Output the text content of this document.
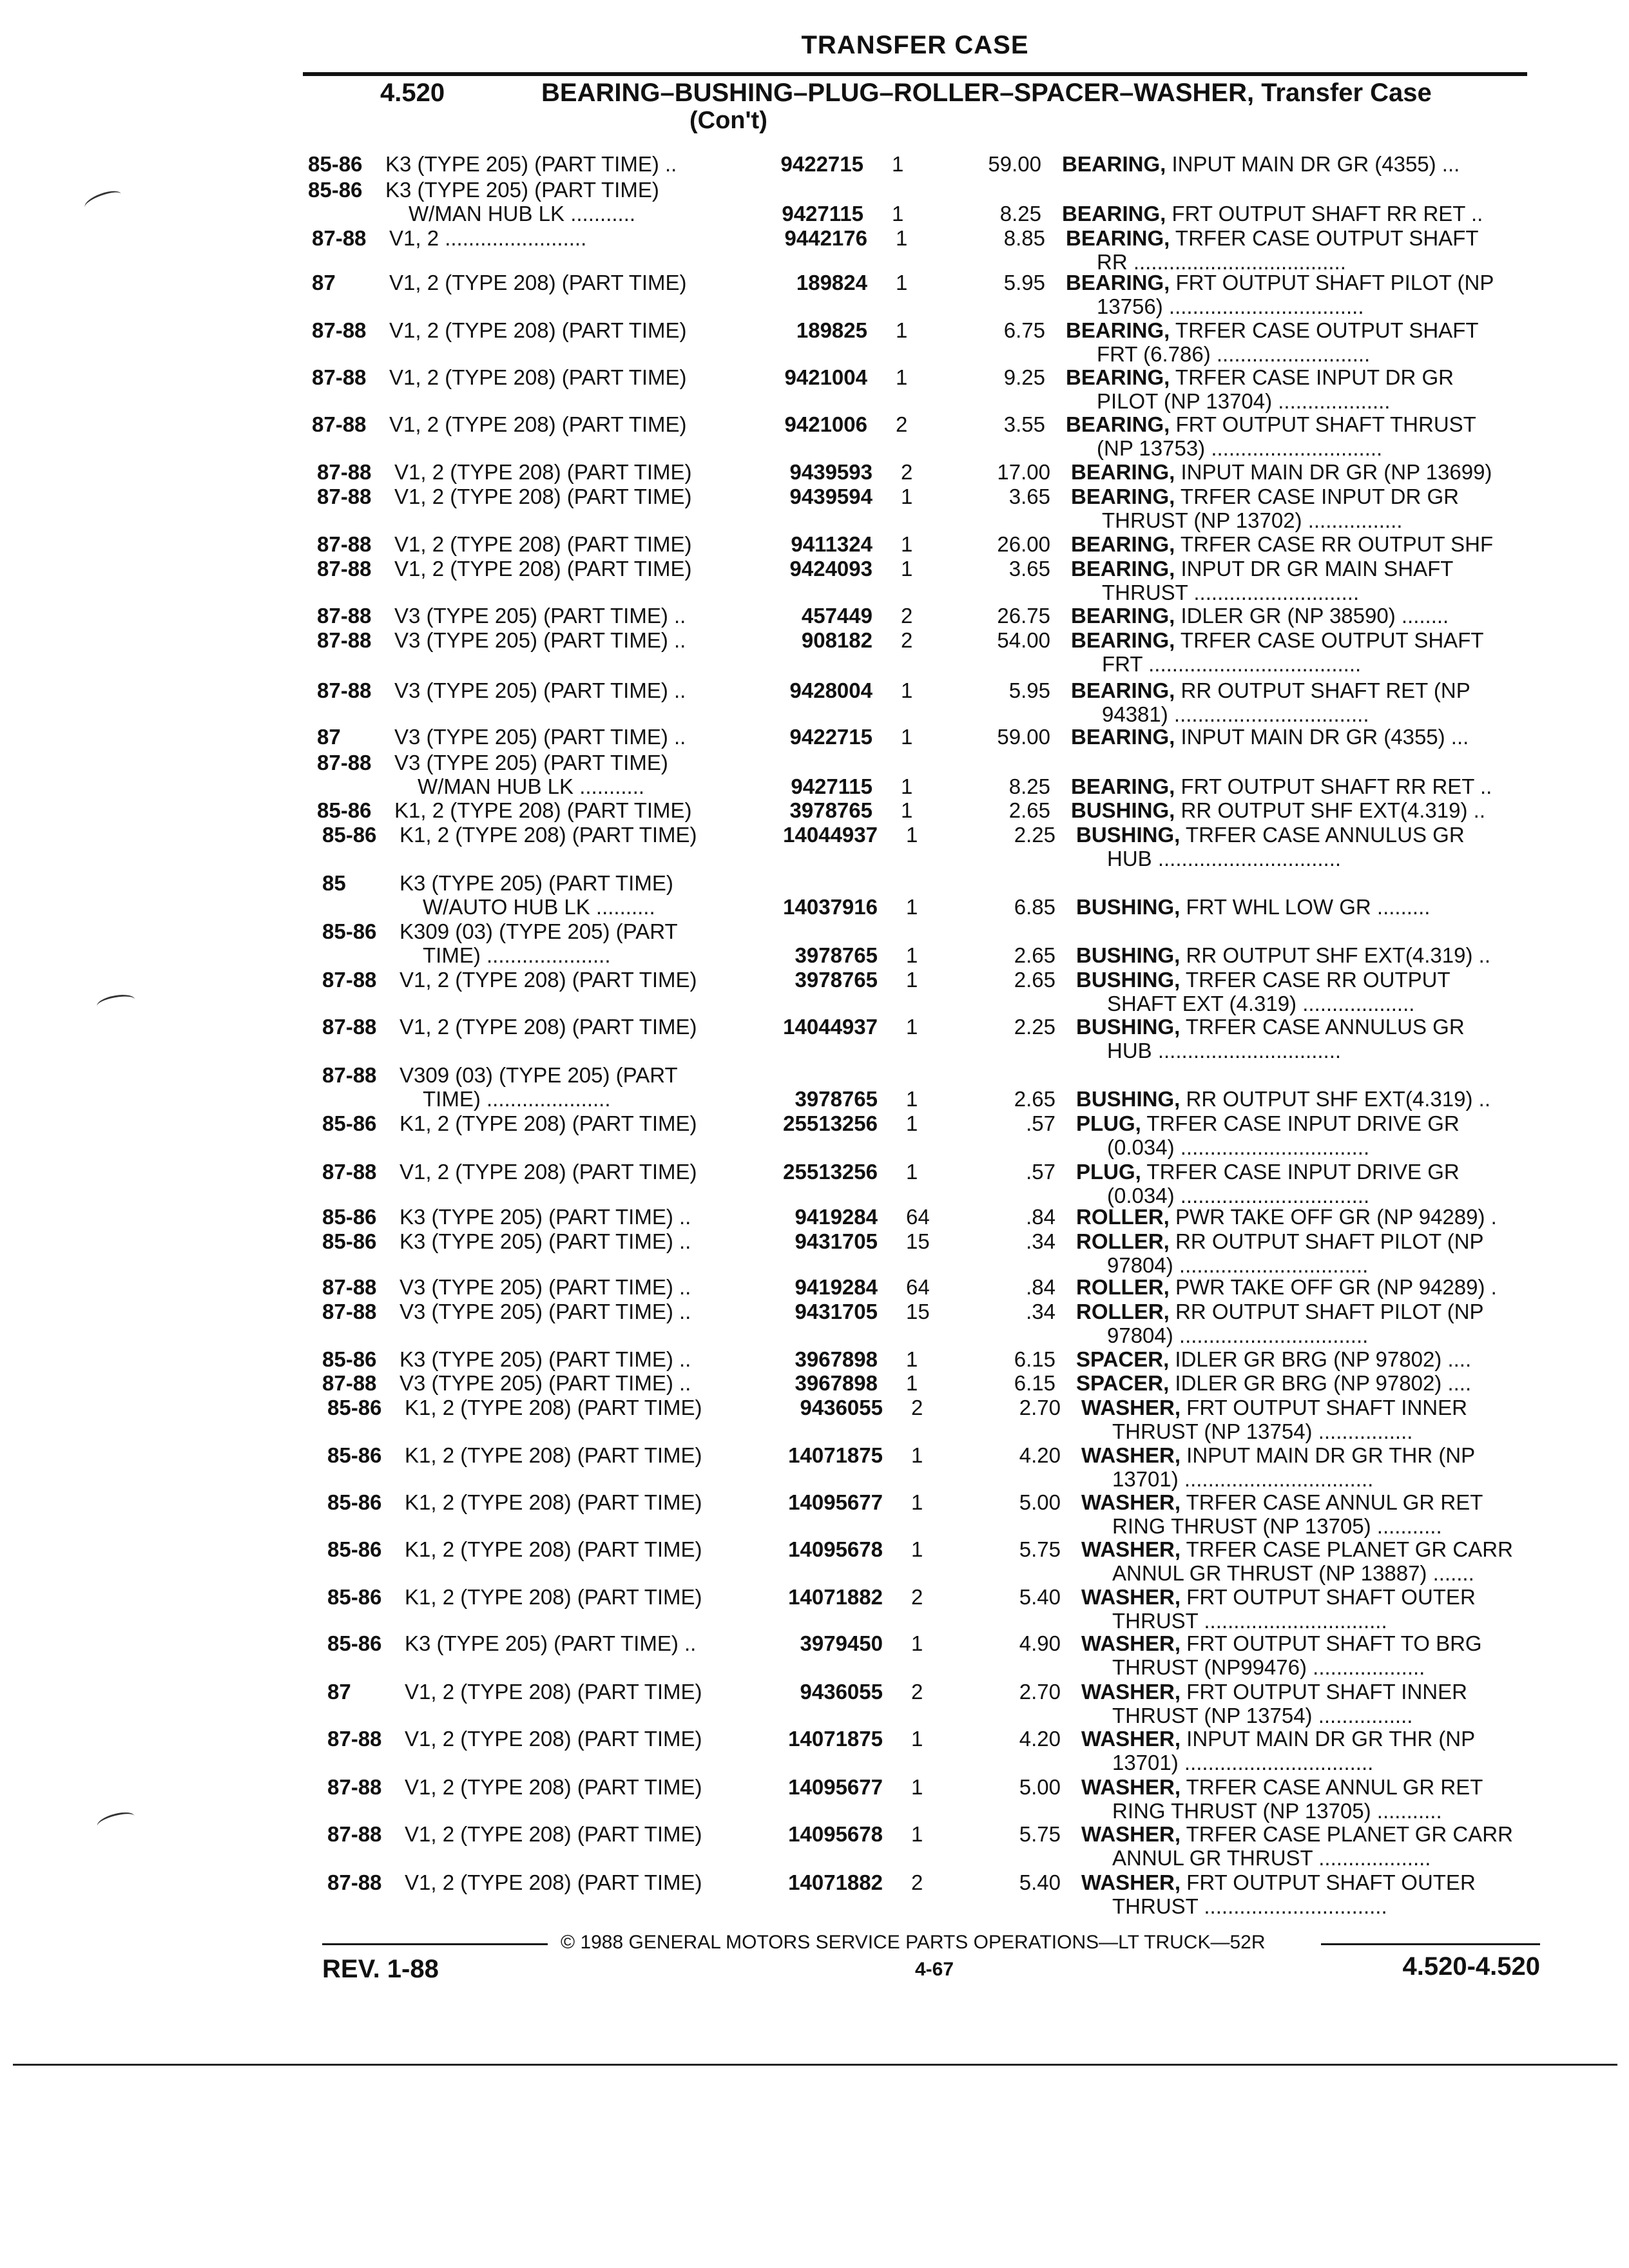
TRANSFER CASE
4.520	BEARING–BUSHING–PLUG–ROLLER–SPACER–WASHER, Transfer Case
(Con't)
85-86	K3 (TYPE 205) (PART TIME) ..	9422715 1	59.00 BEARING, INPUT MAIN DR GR (4355) ...
85-86	K3 (TYPE 205) (PART TIME)
W/MAN HUB LK ...........	9427115 1	8.25 BEARING, FRT OUTPUT SHAFT RR RET ..
87-88	V1, 2 ........................	9442176 1	8.85 BEARING, TRFER CASE OUTPUT SHAFT
RR ....................................
87	V1, 2 (TYPE 208) (PART TIME)	189824 1	5.95 BEARING, FRT OUTPUT SHAFT PILOT (NP
13756) .................................
87-88	V1, 2 (TYPE 208) (PART TIME)	189825 1	6.75 BEARING, TRFER CASE OUTPUT SHAFT
FRT (6.786) ..........................
87-88	V1, 2 (TYPE 208) (PART TIME)	9421004 1	9.25 BEARING, TRFER CASE INPUT DR GR
PILOT (NP 13704) ...................
87-88	V1, 2 (TYPE 208) (PART TIME)	9421006 2	3.55 BEARING, FRT OUTPUT SHAFT THRUST
(NP 13753) .............................
87-88	V1, 2 (TYPE 208) (PART TIME)	9439593 2	17.00 BEARING, INPUT MAIN DR GR (NP 13699)
87-88	V1, 2 (TYPE 208) (PART TIME)	9439594 1	3.65 BEARING, TRFER CASE INPUT DR GR
THRUST (NP 13702) ................
87-88	V1, 2 (TYPE 208) (PART TIME)	9411324 1	26.00 BEARING, TRFER CASE RR OUTPUT SHF
87-88	V1, 2 (TYPE 208) (PART TIME)	9424093 1	3.65 BEARING, INPUT DR GR MAIN SHAFT
THRUST ............................
87-88	V3 (TYPE 205) (PART TIME) ..	457449 2	26.75 BEARING, IDLER GR (NP 38590) ........
87-88	V3 (TYPE 205) (PART TIME) ..	908182 2	54.00 BEARING, TRFER CASE OUTPUT SHAFT
FRT ....................................
87-88	V3 (TYPE 205) (PART TIME) ..	9428004 1	5.95 BEARING, RR OUTPUT SHAFT RET (NP
94381) .................................
87	V3 (TYPE 205) (PART TIME) ..	9422715 1	59.00 BEARING, INPUT MAIN DR GR (4355) ...
87-88	V3 (TYPE 205) (PART TIME)
W/MAN HUB LK ...........	9427115 1	8.25 BEARING, FRT OUTPUT SHAFT RR RET ..
85-86	K1, 2 (TYPE 208) (PART TIME)	3978765 1	2.65 BUSHING, RR OUTPUT SHF EXT(4.319) ..
85-86	K1, 2 (TYPE 208) (PART TIME)	14044937 1	2.25 BUSHING, TRFER CASE ANNULUS GR
HUB ...............................
85	K3 (TYPE 205) (PART TIME)
W/AUTO HUB LK ..........	14037916 1	6.85 BUSHING, FRT WHL LOW GR .........
85-86	K309 (03) (TYPE 205) (PART
TIME) .....................	3978765 1	2.65 BUSHING, RR OUTPUT SHF EXT(4.319) ..
87-88	V1, 2 (TYPE 208) (PART TIME)	3978765 1	2.65 BUSHING, TRFER CASE RR OUTPUT
SHAFT EXT (4.319) ...................
87-88	V1, 2 (TYPE 208) (PART TIME)	14044937 1	2.25 BUSHING, TRFER CASE ANNULUS GR
HUB ...............................
87-88	V309 (03) (TYPE 205) (PART
TIME) .....................	3978765 1	2.65 BUSHING, RR OUTPUT SHF EXT(4.319) ..
85-86	K1, 2 (TYPE 208) (PART TIME)	25513256 1	.57 PLUG, TRFER CASE INPUT DRIVE GR
(0.034) ................................
87-88	V1, 2 (TYPE 208) (PART TIME)	25513256 1	.57 PLUG, TRFER CASE INPUT DRIVE GR
(0.034) ................................
85-86	K3 (TYPE 205) (PART TIME) ..	9419284 64	.84 ROLLER, PWR TAKE OFF GR (NP 94289) .
85-86	K3 (TYPE 205) (PART TIME) ..	9431705 15	.34 ROLLER, RR OUTPUT SHAFT PILOT (NP
97804) ................................
87-88	V3 (TYPE 205) (PART TIME) ..	9419284 64	.84 ROLLER, PWR TAKE OFF GR (NP 94289) .
87-88	V3 (TYPE 205) (PART TIME) ..	9431705 15	.34 ROLLER, RR OUTPUT SHAFT PILOT (NP
97804) ................................
85-86	K3 (TYPE 205) (PART TIME) ..	3967898 1	6.15 SPACER, IDLER GR BRG (NP 97802) ....
87-88	V3 (TYPE 205) (PART TIME) ..	3967898 1	6.15 SPACER, IDLER GR BRG (NP 97802) ....
85-86	K1, 2 (TYPE 208) (PART TIME)	9436055 2	2.70 WASHER, FRT OUTPUT SHAFT INNER
THRUST (NP 13754) ................
85-86	K1, 2 (TYPE 208) (PART TIME)	14071875 1	4.20 WASHER, INPUT MAIN DR GR THR (NP
13701) ................................
85-86	K1, 2 (TYPE 208) (PART TIME)	14095677 1	5.00 WASHER, TRFER CASE ANNUL GR RET
RING THRUST (NP 13705) ...........
85-86	K1, 2 (TYPE 208) (PART TIME)	14095678 1	5.75 WASHER, TRFER CASE PLANET GR CARR
ANNUL GR THRUST (NP 13887) .......
85-86	K1, 2 (TYPE 208) (PART TIME)	14071882 2	5.40 WASHER, FRT OUTPUT SHAFT OUTER
THRUST ...............................
85-86	K3 (TYPE 205) (PART TIME) ..	3979450 1	4.90 WASHER, FRT OUTPUT SHAFT TO BRG
THRUST (NP99476) ...................
87	V1, 2 (TYPE 208) (PART TIME)	9436055 2	2.70 WASHER, FRT OUTPUT SHAFT INNER
THRUST (NP 13754) ................
87-88	V1, 2 (TYPE 208) (PART TIME)	14071875 1	4.20 WASHER, INPUT MAIN DR GR THR (NP
13701) ................................
87-88	V1, 2 (TYPE 208) (PART TIME)	14095677 1	5.00 WASHER, TRFER CASE ANNUL GR RET
RING THRUST (NP 13705) ...........
87-88	V1, 2 (TYPE 208) (PART TIME)	14095678 1	5.75 WASHER, TRFER CASE PLANET GR CARR
ANNUL GR THRUST ...................
87-88	V1, 2 (TYPE 208) (PART TIME)	14071882 2	5.40 WASHER, FRT OUTPUT SHAFT OUTER
THRUST ...............................
© 1988 GENERAL MOTORS SERVICE PARTS OPERATIONS—LT TRUCK—52R
REV. 1-88	4-67	4.520-4.520
